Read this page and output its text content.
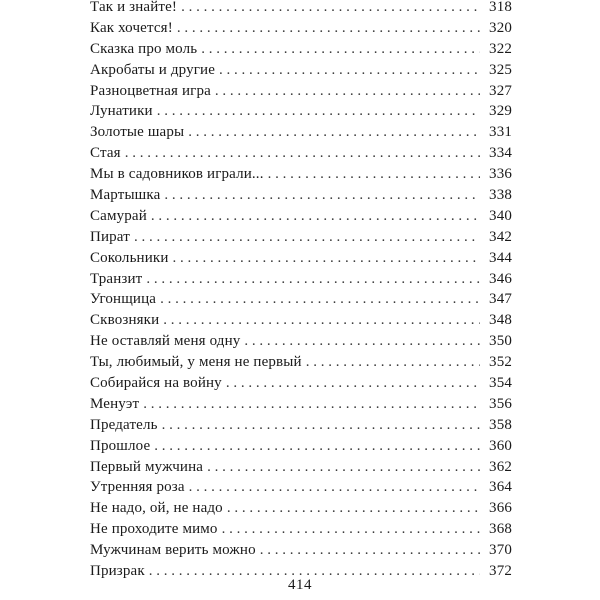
Так и знайте! . . .	318
Как хочется! . . .	320
Сказка про моль . . .	322
Акробаты и другие . . .	325
Разноцветная игра . . .	327
Лунатики . . .	329
Золотые шары . . .	331
Стая . . .	334
Мы в садовников играли... . . .	336
Мартышка . . .	338
Самурай . . .	340
Пират . . .	342
Сокольники . . .	344
Транзит . . .	346
Угонщица . . .	347
Сквозняки . . .	348
Не оставляй меня одну . . .	350
Ты, любимый, у меня не первый . . .	352
Собирайся на войну . . .	354
Менуэт . . .	356
Предатель . . .	358
Прошлое . . .	360
Первый мужчина . . .	362
Утренняя роза . . .	364
Не надо, ой, не надо . . .	366
Не проходите мимо . . .	368
Мужчинам верить можно . . .	370
Призрак . . .	372
414
